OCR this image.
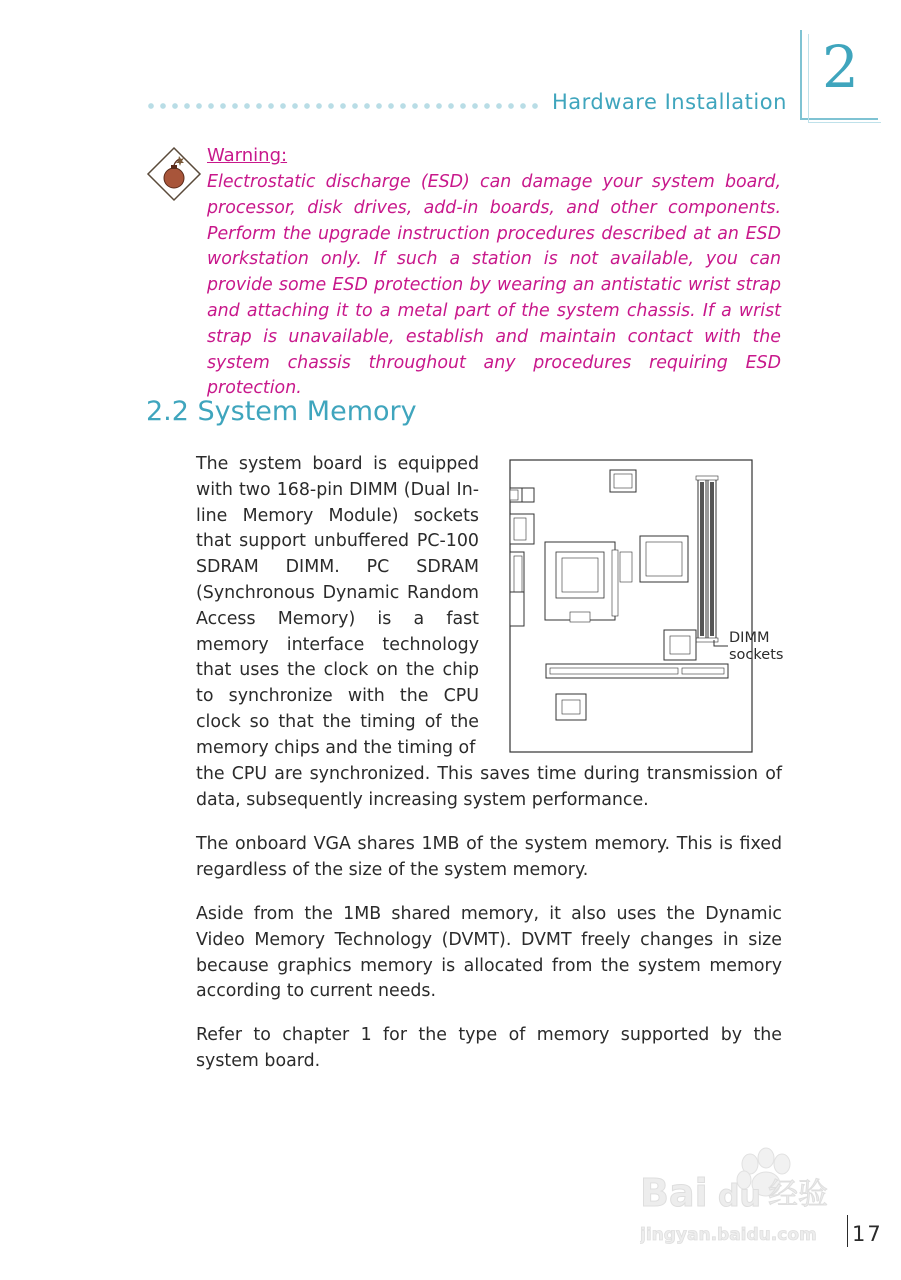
Hardware Installation
2
Warning:

Electrostatic discharge (ESD) can damage your system board, processor, disk drives, add-in boards, and other components. Perform the upgrade instruction procedures described at an ESD workstation only. If such a station is not available, you can provide some ESD protection by wearing an antistatic wrist strap and attaching it to a metal part of the system chassis. If a wrist strap is unavailable, establish and maintain contact with the system chassis throughout any procedures requiring ESD protection.

2.2 System Memory

The system board is equipped with two 168-pin DIMM (Dual In-line Memory Module) sockets that support unbuffered PC-100 SDRAM DIMM. PC SDRAM (Synchronous Dynamic Random Access Memory) is a fast memory interface technology that uses the clock on the chip to synchronize with the CPU clock so that the timing of the memory chips and the timing of

DIMM
sockets

the CPU are synchronized. This saves time during transmission of data, subsequently increasing system performance.

The onboard VGA shares 1MB of the system memory. This is fixed regardless of the size of the system memory.

Aside from the 1MB shared memory, it also uses the Dynamic Video Memory Technology (DVMT). DVMT freely changes in size because graphics memory is allocated from the system memory according to current needs.

Refer to chapter 1 for the type of memory supported by the system board.

Bai du 经验
jingyan.baidu.com 17
